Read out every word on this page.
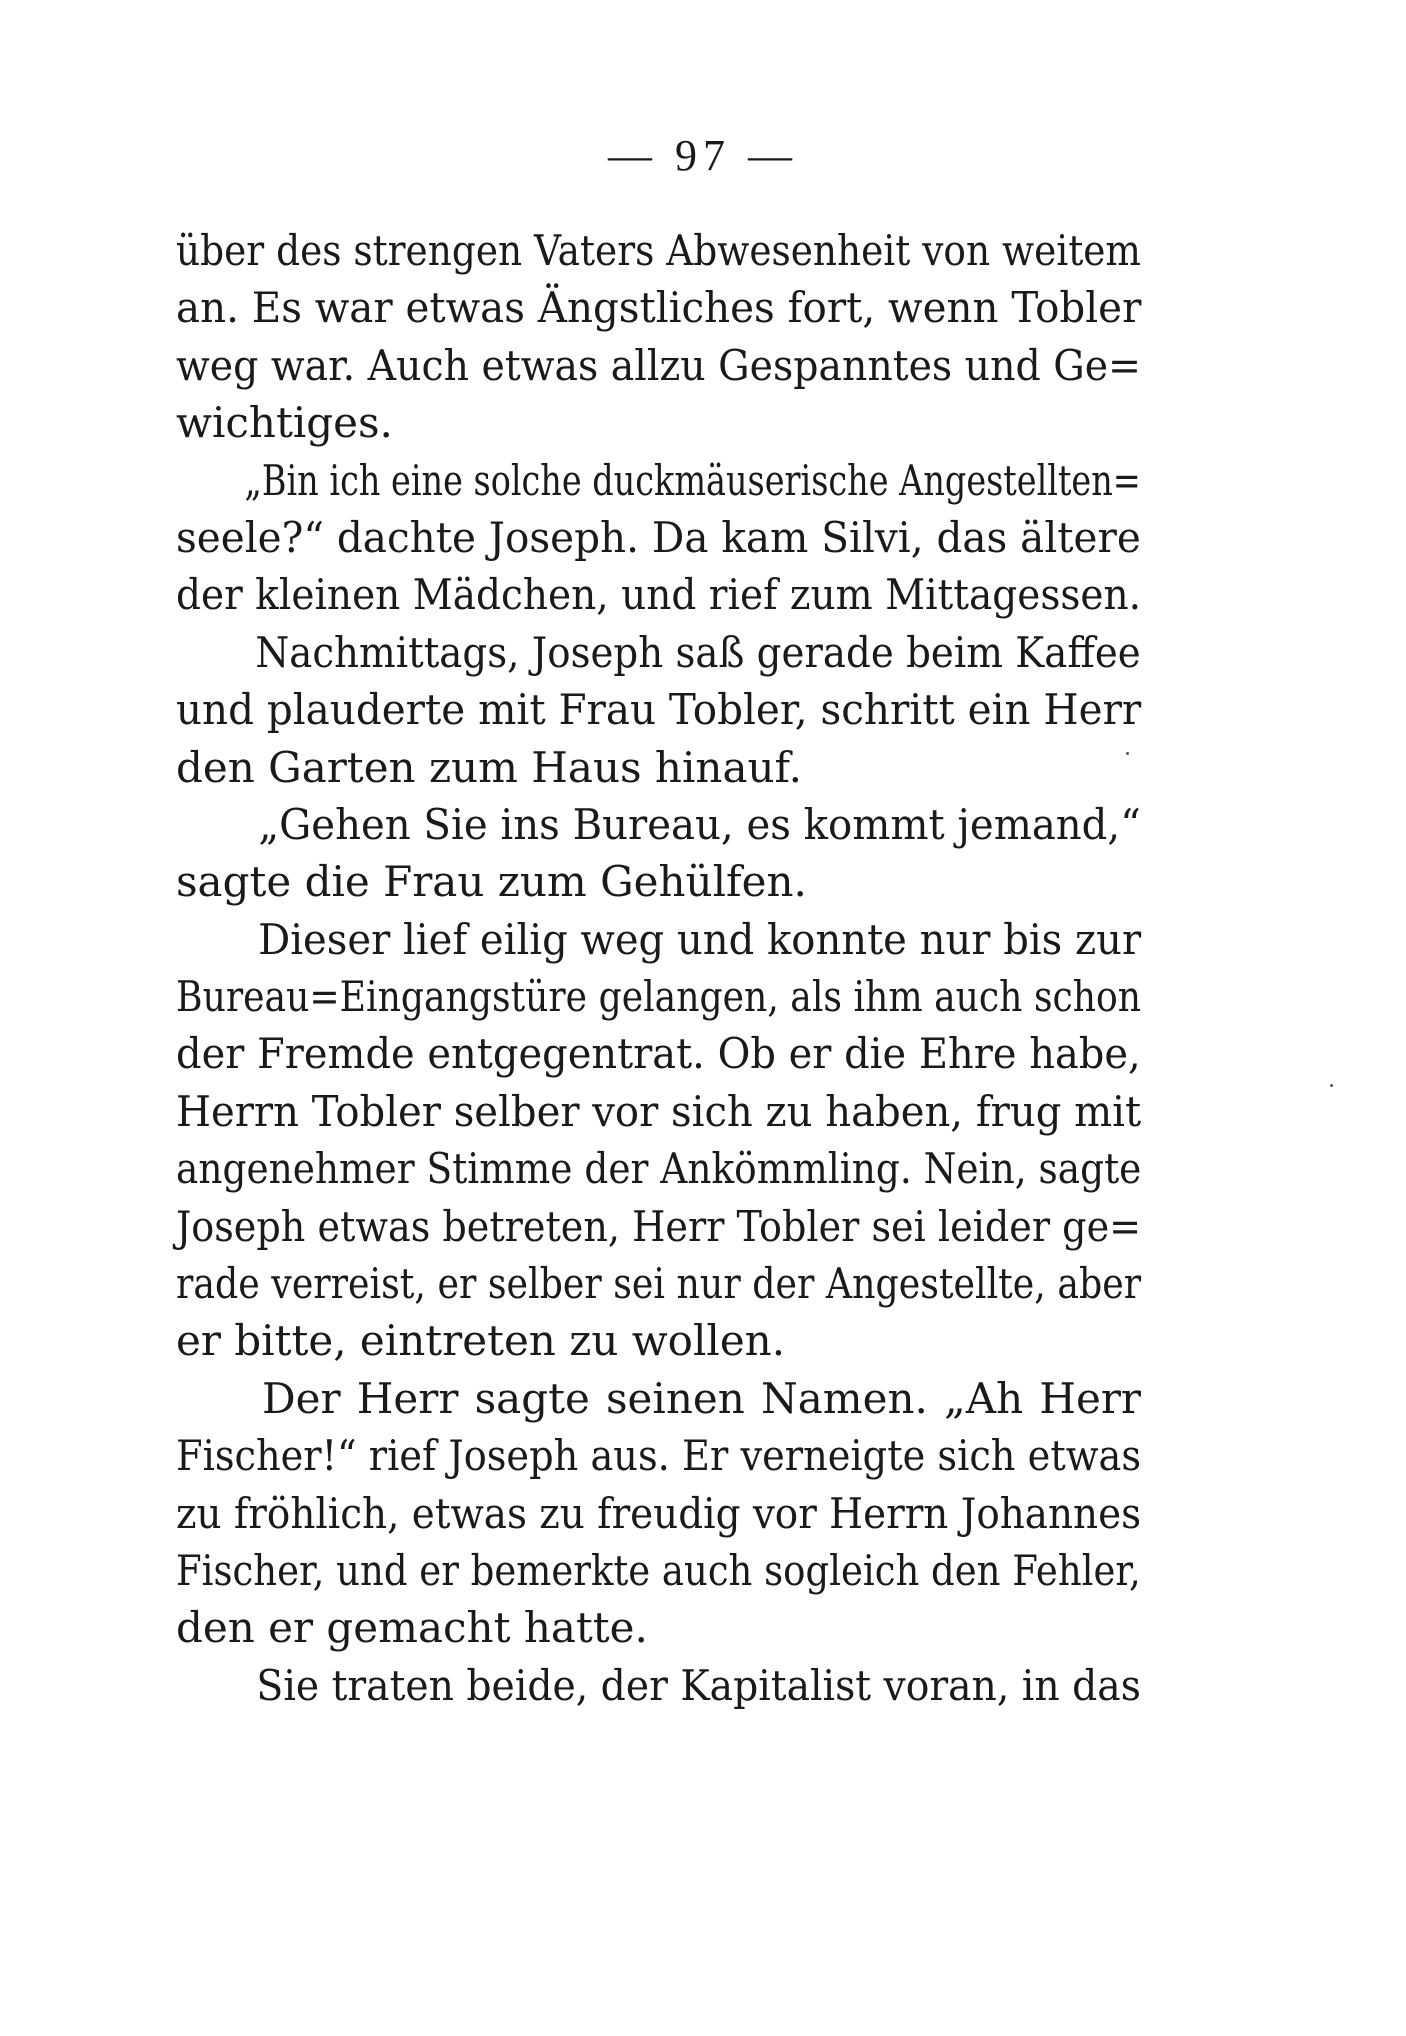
— 97 —
über des strengen Vaters Abwesenheit von weitem
an. Es war etwas Ängstliches fort, wenn Tobler
weg war. Auch etwas allzu Gespanntes und Ge=
wichtiges.
„Bin ich eine solche duckmäuserische Angestellten=
seele?“ dachte Joseph. Da kam Silvi, das ältere
der kleinen Mädchen, und rief zum Mittagessen.
Nachmittags, Joseph saß gerade beim Kaffee
und plauderte mit Frau Tobler, schritt ein Herr
den Garten zum Haus hinauf.
„Gehen Sie ins Bureau, es kommt jemand,“
sagte die Frau zum Gehülfen.
Dieser lief eilig weg und konnte nur bis zur
Bureau=Eingangstüre gelangen, als ihm auch schon
der Fremde entgegentrat. Ob er die Ehre habe,
Herrn Tobler selber vor sich zu haben, frug mit
angenehmer Stimme der Ankömmling. Nein, sagte
Joseph etwas betreten, Herr Tobler sei leider ge=
rade verreist, er selber sei nur der Angestellte, aber
er bitte, eintreten zu wollen.
Der Herr sagte seinen Namen. „Ah Herr
Fischer!“ rief Joseph aus. Er verneigte sich etwas
zu fröhlich, etwas zu freudig vor Herrn Johannes
Fischer, und er bemerkte auch sogleich den Fehler,
den er gemacht hatte.
Sie traten beide, der Kapitalist voran, in das
